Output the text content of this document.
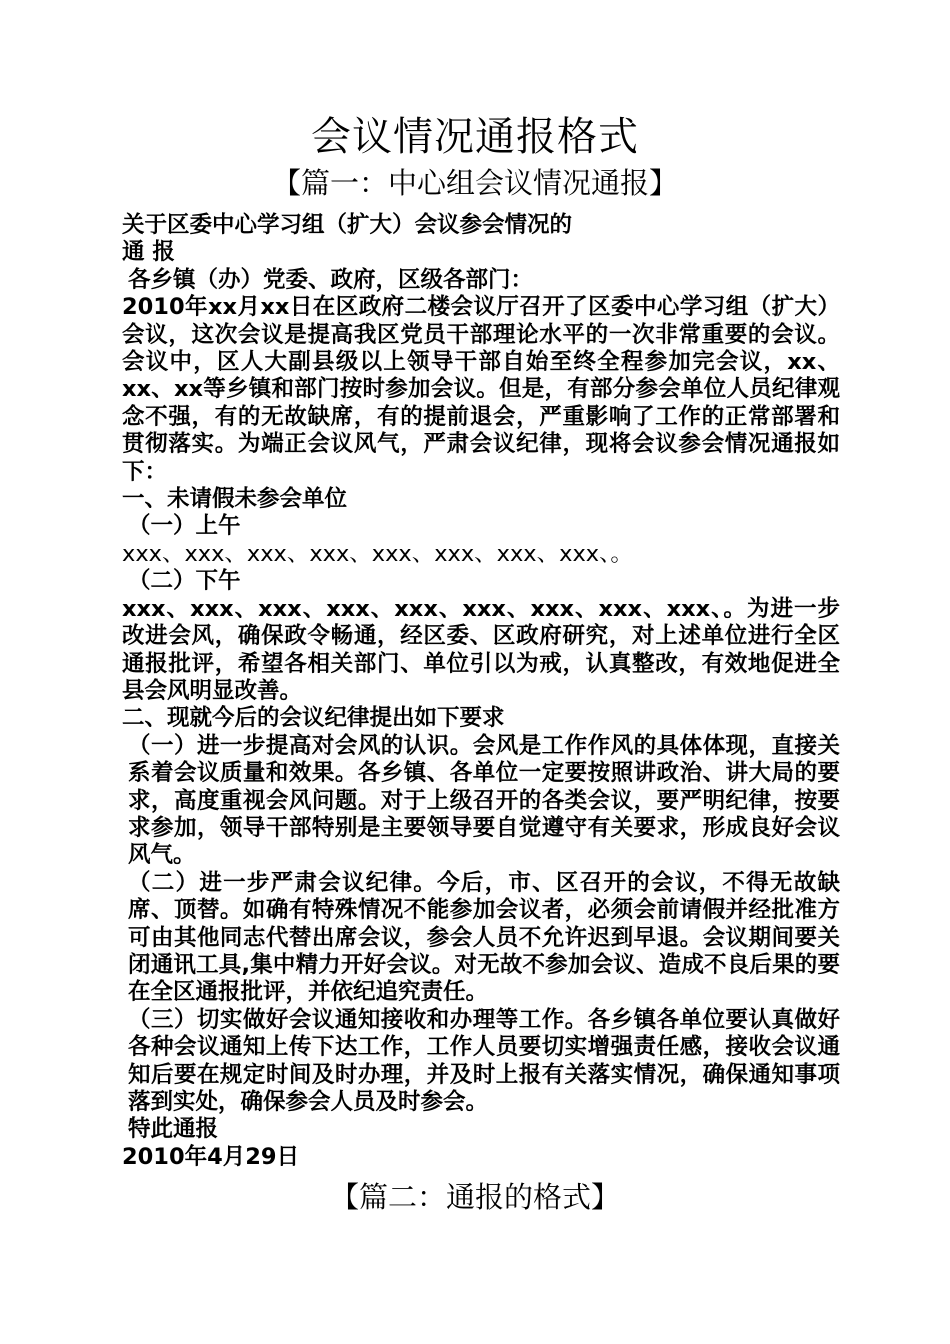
会议情况通报格式
【篇一：中心组会议情况通报】

关于区委中心学习组（扩大）会议参会情况的

通 报

各乡镇（办）党委、政府，区级各部门：

2010年xx月xx日在区政府二楼会议厅召开了区委中心学习组（扩大）会议，这次会议是提高我区党员干部理论水平的一次非常重要的会议。会议中，区人大副县级以上领导干部自始至终全程参加完会议，xx、xx、xx等乡镇和部门按时参加会议。但是，有部分参会单位人员纪律观念不强，有的无故缺席，有的提前退会，严重影响了工作的正常部署和贯彻落实。为端正会议风气，严肃会议纪律，现将会议参会情况通报如下：

一、未请假未参会单位

（一）上午

xxx、xxx、xxx、xxx、xxx、xxx、xxx、xxx、。

（二）下午

xxx、xxx、xxx、xxx、xxx、xxx、xxx、xxx、xxx、。为进一步改进会风，确保政令畅通，经区委、区政府研究，对上述单位进行全区通报批评，希望各相关部门、单位引以为戒，认真整改，有效地促进全县会风明显改善。

二、现就今后的会议纪律提出如下要求

（一）进一步提高对会风的认识。会风是工作作风的具体体现，直接关系着会议质量和效果。各乡镇、各单位一定要按照讲政治、讲大局的要求，高度重视会风问题。对于上级召开的各类会议，要严明纪律，按要求参加，领导干部特别是主要领导要自觉遵守有关要求，形成良好会议风气。

（二）进一步严肃会议纪律。今后，市、区召开的会议，不得无故缺席、顶替。如确有特殊情况不能参加会议者，必须会前请假并经批准方可由其他同志代替出席会议，参会人员不允许迟到早退。会议期间要关闭通讯工具,集中精力开好会议。对无故不参加会议、造成不良后果的要在全区通报批评，并依纪追究责任。

（三）切实做好会议通知接收和办理等工作。各乡镇各单位要认真做好各种会议通知上传下达工作，工作人员要切实增强责任感，接收会议通知后要在规定时间及时办理，并及时上报有关落实情况，确保通知事项落到实处，确保参会人员及时参会。

特此通报

2010年4月29日

【篇二：通报的格式】
